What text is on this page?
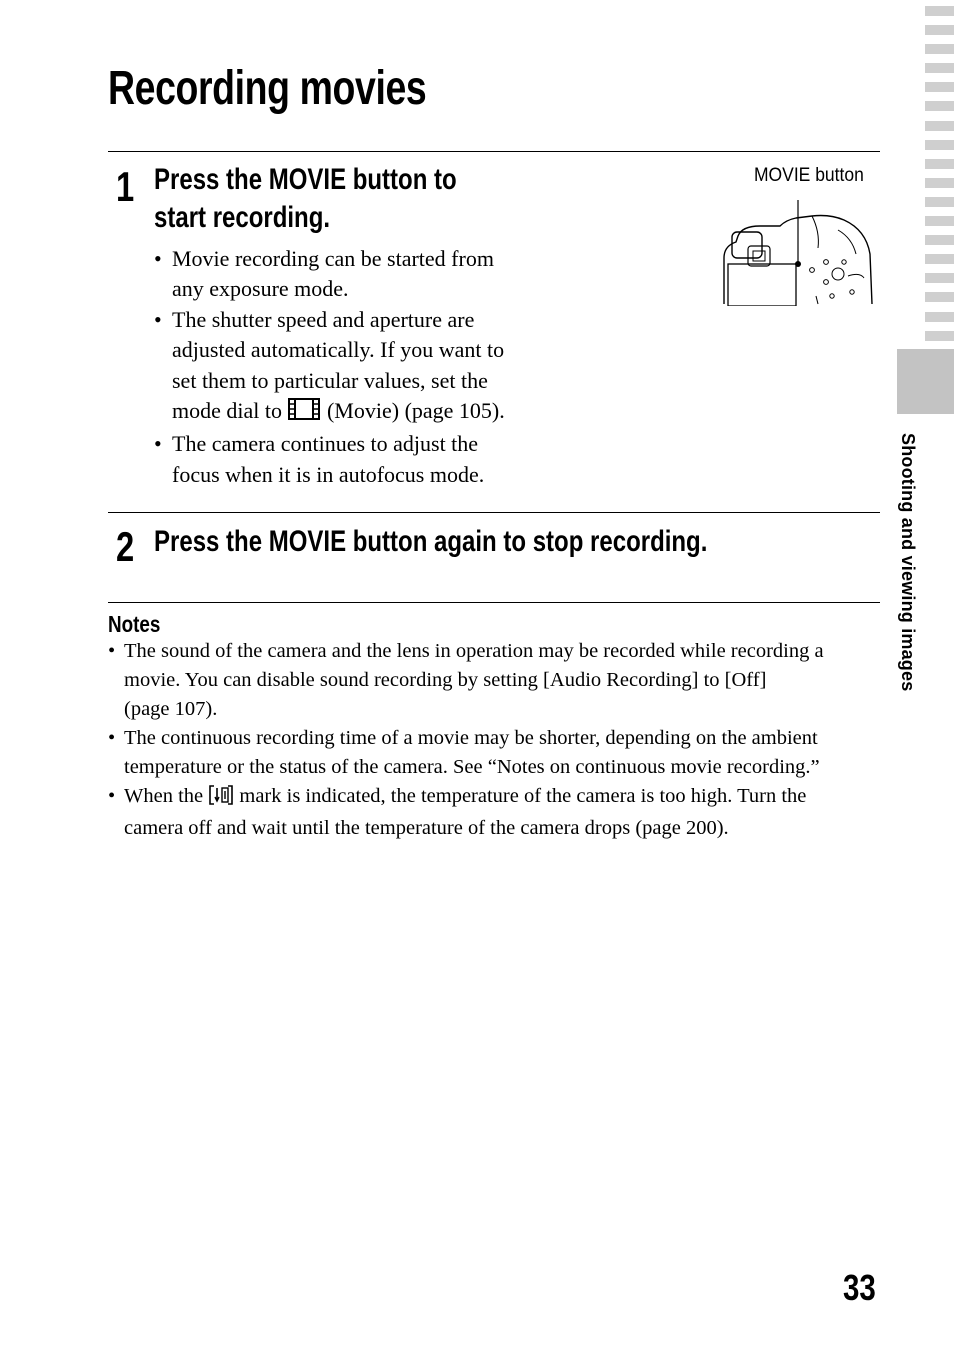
Recording movies
1 Press the MOVIE button to
start recording.
• Movie recording can be started from
any exposure mode.
• The shutter speed and aperture are
adjusted automatically. If you want to
set them to particular values, set the
mode dial to (Movie) (page 105).
• The camera continues to adjust the
focus when it is in autofocus mode.
MOVIE button
2 Press the MOVIE button again to stop recording.
Notes
• The sound of the camera and the lens in operation may be recorded while recording a
movie. You can disable sound recording by setting [Audio Recording] to [Off]
(page 107).
• The continuous recording time of a movie may be shorter, depending on the ambient
temperature or the status of the camera. See “Notes on continuous movie recording.”
• When the mark is indicated, the temperature of the camera is too high. Turn the
camera off and wait until the temperature of the camera drops (page 200).
Shooting and viewing images
33
